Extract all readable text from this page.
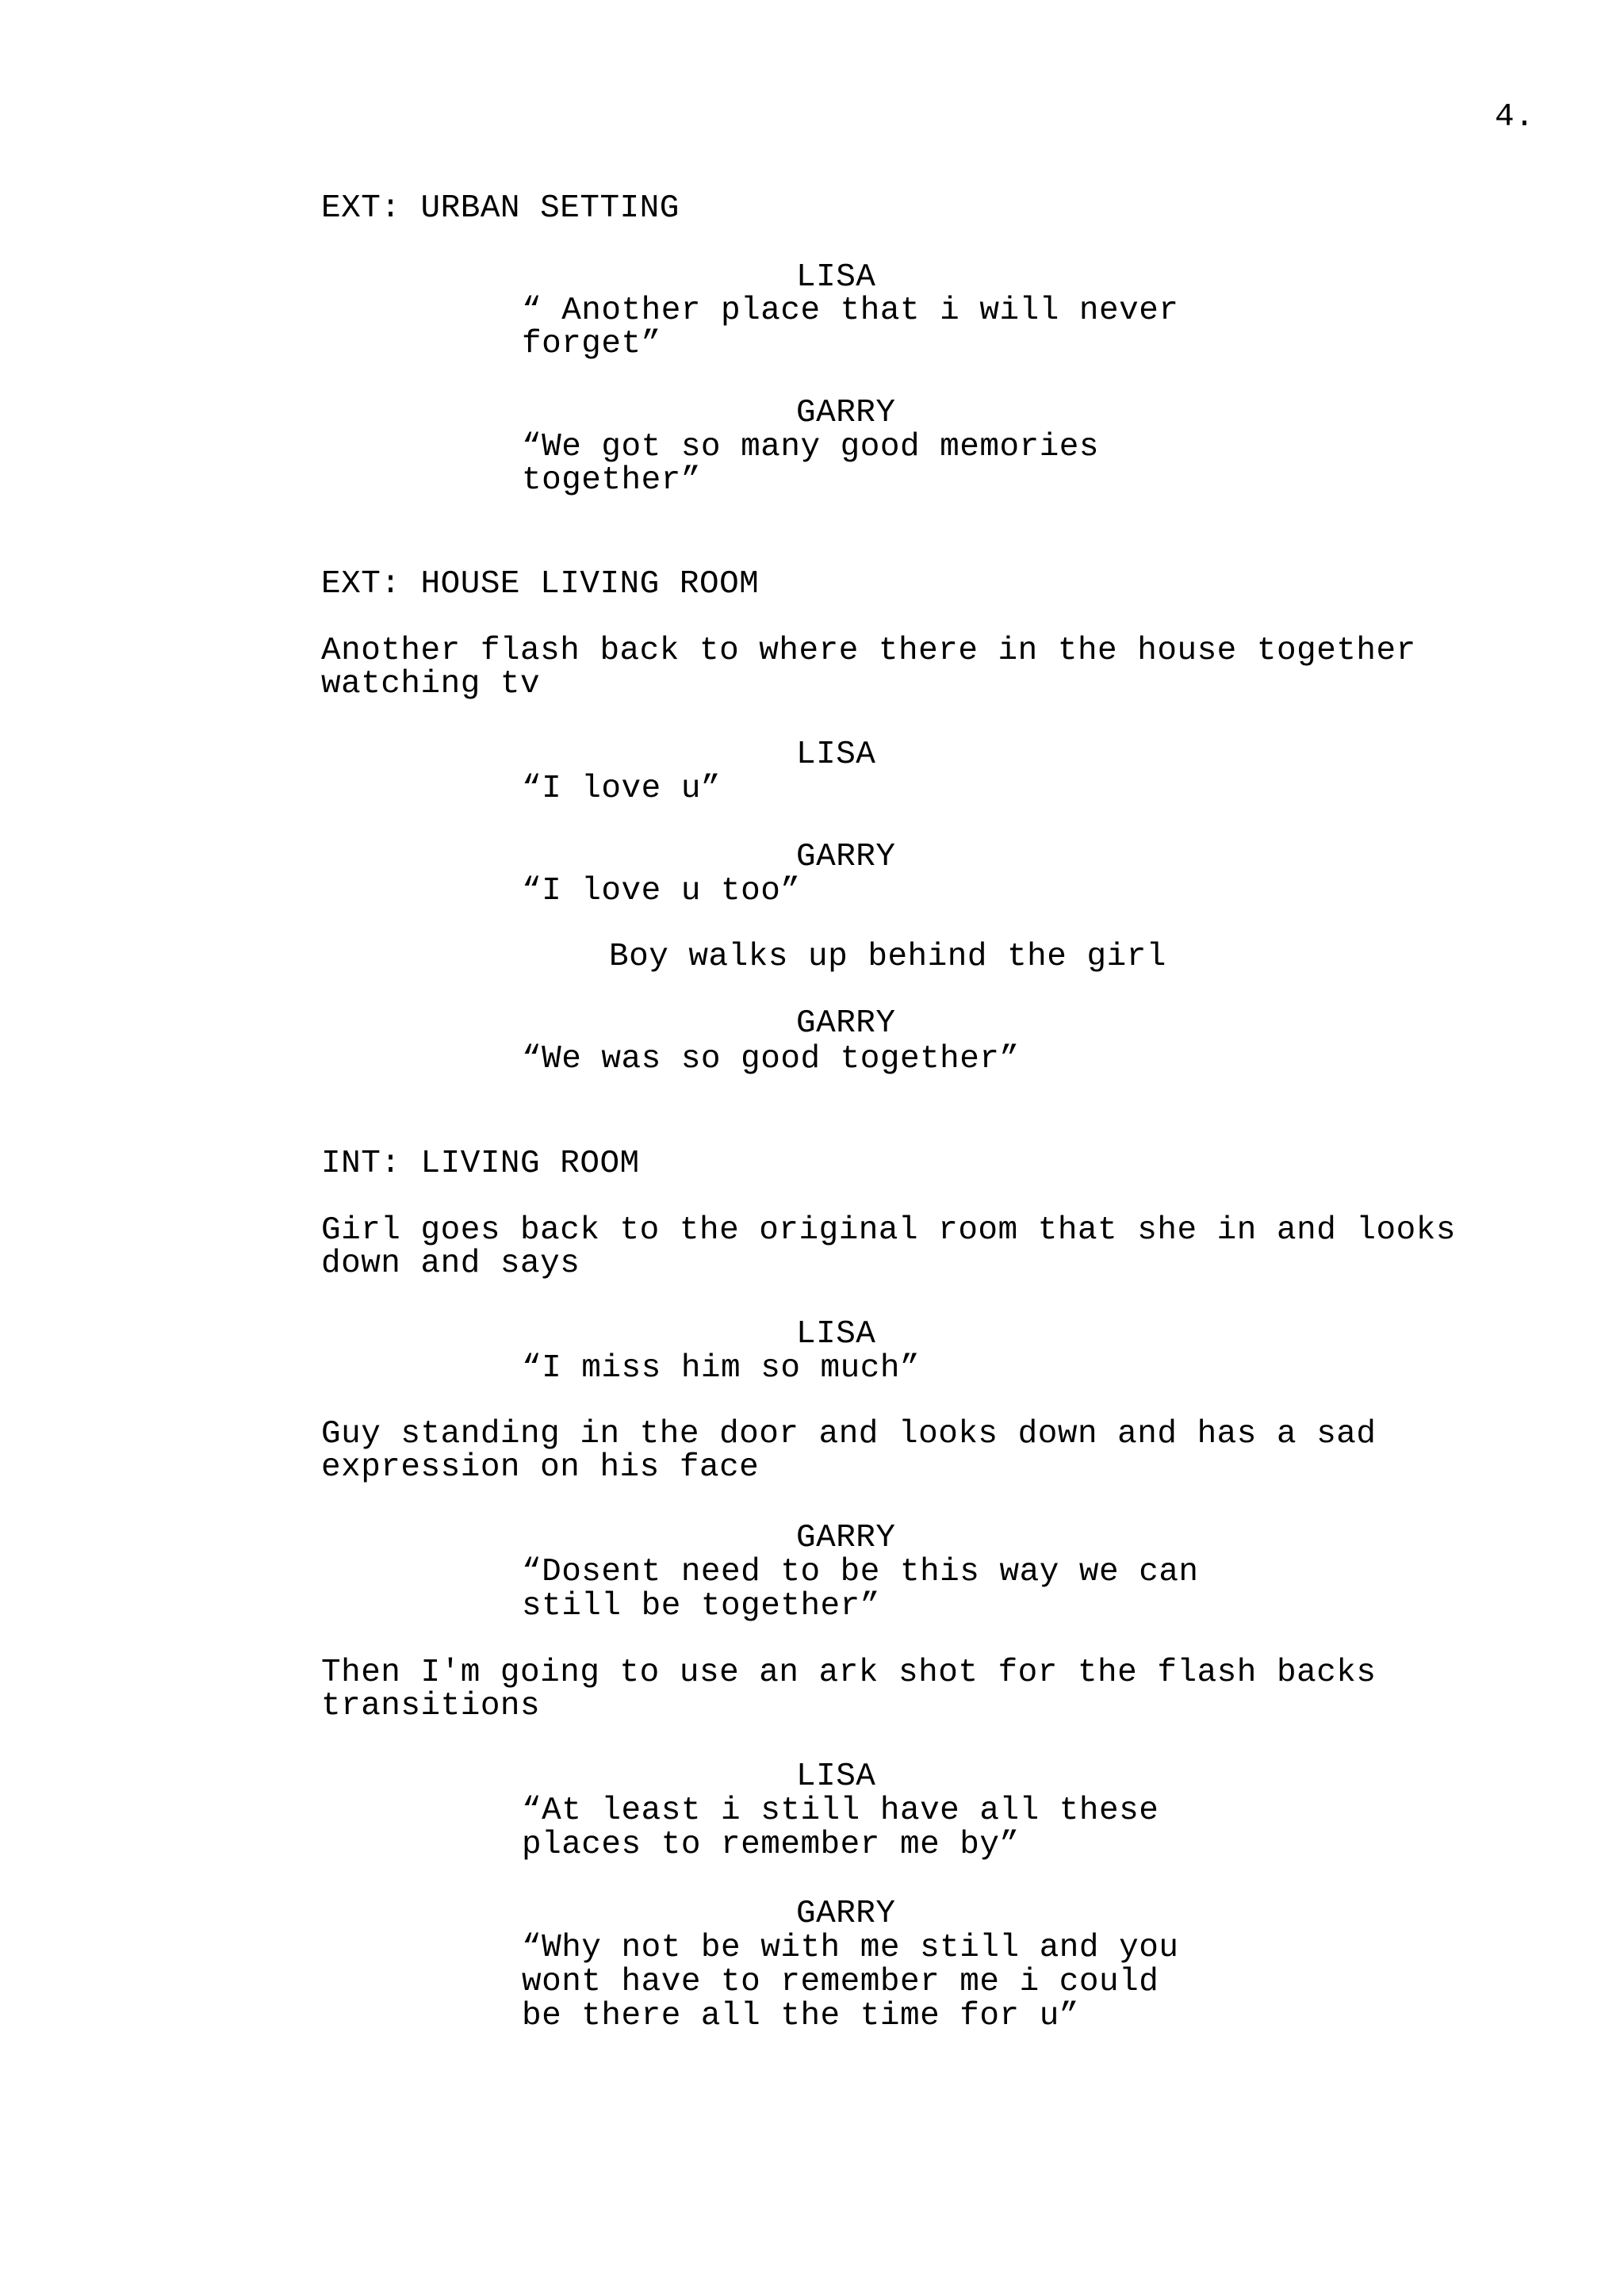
4.
EXT: URBAN SETTING
LISA
“ Another place that i will never
forget”
GARRY
“We got so many good memories
together”
EXT: HOUSE LIVING ROOM
Another flash back to where there in the house together
watching tv
LISA
“I love u”
GARRY
“I love u too”
Boy walks up behind the girl
GARRY
“We was so good together”
INT: LIVING ROOM
Girl goes back to the original room that she in and looks
down and says
LISA
“I miss him so much”
Guy standing in the door and looks down and has a sad
expression on his face
GARRY
“Dosent need to be this way we can
still be together”
Then I'm going to use an ark shot for the flash backs
transitions
LISA
“At least i still have all these
places to remember me by”
GARRY
“Why not be with me still and you
wont have to remember me i could
be there all the time for u”
